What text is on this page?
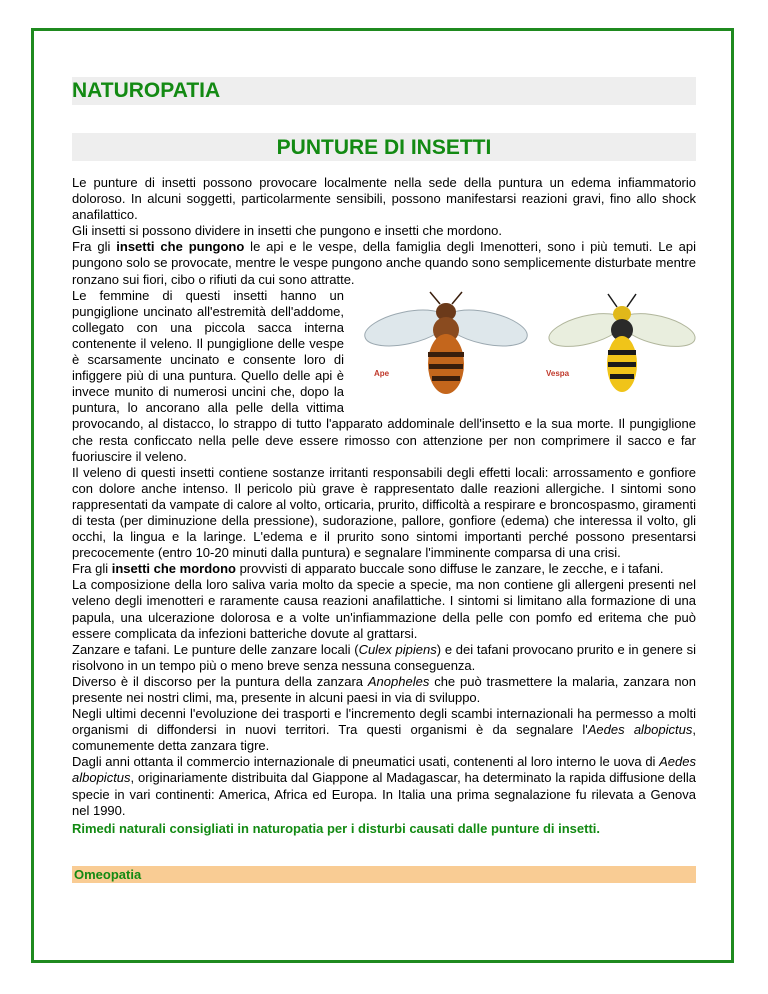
NATUROPATIA
PUNTURE DI INSETTI

Le punture di insetti possono provocare localmente nella sede della puntura un edema infiammatorio doloroso. In alcuni soggetti, particolarmente sensibili, possono manifestarsi reazioni gravi, fino allo shock anafilattico.

Gli insetti si possono dividere in insetti che pungono e insetti che mordono.

Fra gli insetti che pungono le api e le vespe, della famiglia degli Imenotteri, sono i più temuti. Le api pungono solo se provocate, mentre le vespe pungono anche quando sono semplicemente disturbate mentre ronzano sui fiori, cibo o rifiuti da cui sono attratte.

Ape	Vespa

Le femmine di questi insetti hanno un pungiglione uncinato all'estremità dell'addome, collegato con una piccola sacca interna contenente il veleno. Il pungiglione delle vespe è scarsamente uncinato e consente loro di infiggere più di una puntura. Quello delle api è invece munito di numerosi uncini che, dopo la puntura, lo ancorano alla pelle della vittima provocando, al distacco, lo strappo di tutto l'apparato addominale dell'insetto e la sua morte. Il pungiglione che resta conficcato nella pelle deve essere rimosso con attenzione per non comprimere il sacco e far fuoriuscire il veleno.

Il veleno di questi insetti contiene sostanze irritanti responsabili degli effetti locali: arrossamento e gonfiore con dolore anche intenso. Il pericolo più grave è rappresentato dalle reazioni allergiche. I sintomi sono rappresentati da vampate di calore al volto, orticaria, prurito, difficoltà a respirare e broncospasmo, giramenti di testa (per diminuzione della pressione), sudorazione, pallore, gonfiore (edema) che interessa il volto, gli occhi, la lingua e la laringe. L'edema e il prurito sono sintomi importanti perché possono presentarsi precocemente (entro 10-20 minuti dalla puntura) e segnalare l'imminente comparsa di una crisi.

Fra gli insetti che mordono provvisti di apparato buccale sono diffuse le zanzare, le zecche, e i tafani.

La composizione della loro saliva varia molto da specie a specie, ma non contiene gli allergeni presenti nel veleno degli imenotteri e raramente causa reazioni anafilattiche. I sintomi si limitano alla formazione di una papula, una ulcerazione dolorosa e a volte un'infiammazione della pelle con pomfo ed eritema che può essere complicata da infezioni batteriche dovute al grattarsi.

Zanzare e tafani. Le punture delle zanzare locali (Culex pipiens) e dei tafani provocano prurito e in genere si risolvono in un tempo più o meno breve senza nessuna conseguenza.

Diverso è il discorso per la puntura della zanzara Anopheles che può trasmettere la malaria, zanzara non presente nei nostri climi, ma, presente in alcuni paesi in via di sviluppo.

Negli ultimi decenni l'evoluzione dei trasporti e l'incremento degli scambi internazionali ha permesso a molti organismi di diffondersi in nuovi territori. Tra questi organismi è da segnalare l'Aedes albopictus, comunemente detta zanzara tigre.

Dagli anni ottanta il commercio internazionale di pneumatici usati, contenenti al loro interno le uova di Aedes albopictus, originariamente distribuita dal Giappone al Madagascar, ha determinato la rapida diffusione della specie in vari continenti: America, Africa ed Europa. In Italia una prima segnalazione fu rilevata a Genova nel 1990.

Rimedi naturali consigliati in naturopatia per i disturbi causati dalle punture di insetti.
Omeopatia
